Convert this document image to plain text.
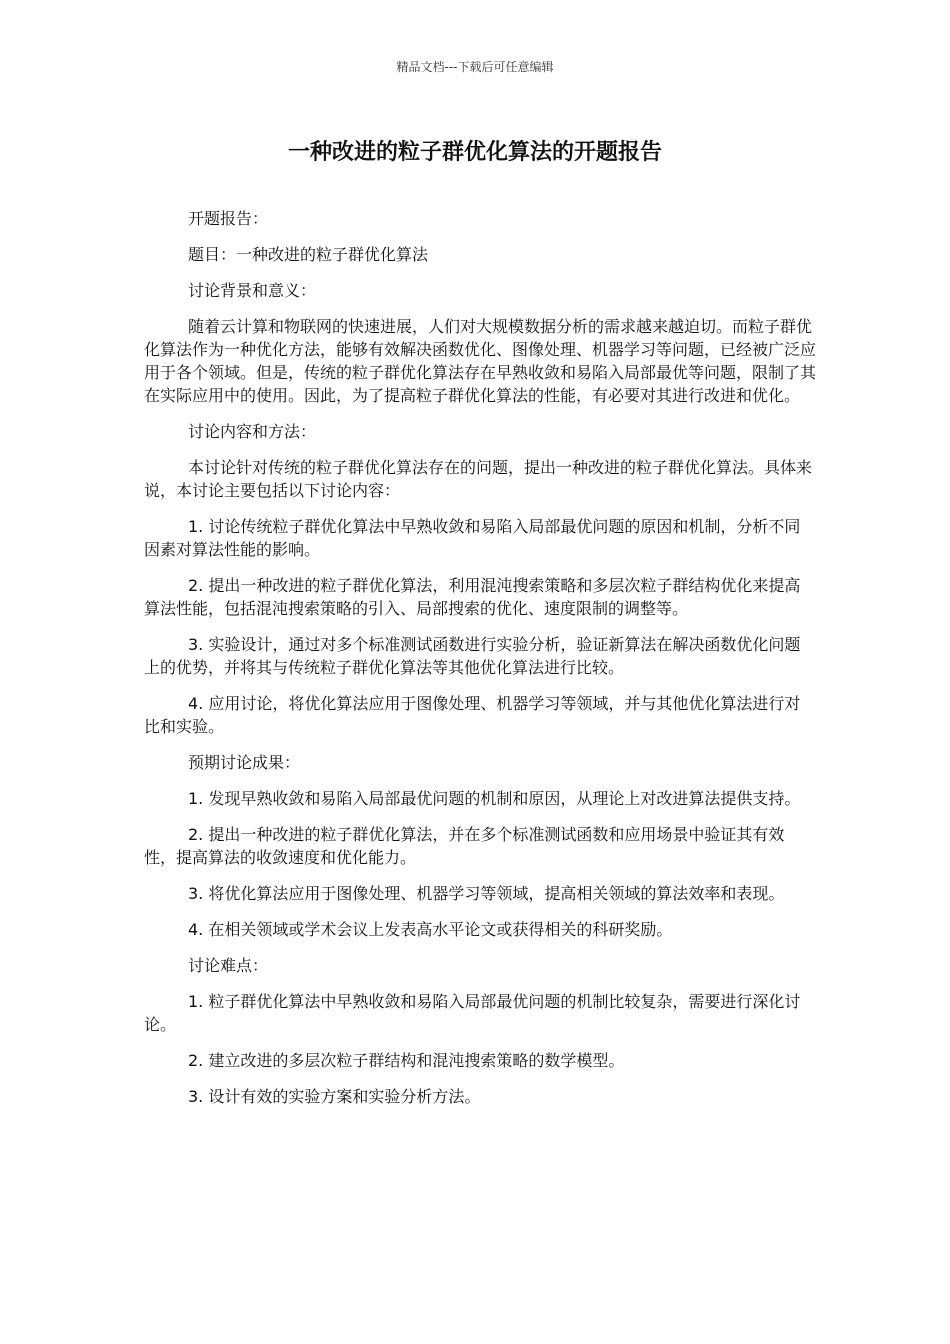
精品文档---下载后可任意编辑
一种改进的粒子群优化算法的开题报告

开题报告：

题目：一种改进的粒子群优化算法

讨论背景和意义：

随着云计算和物联网的快速进展，人们对大规模数据分析的需求越来越迫切。而粒子群优化算法作为一种优化方法，能够有效解决函数优化、图像处理、机器学习等问题，已经被广泛应用于各个领域。但是，传统的粒子群优化算法存在早熟收敛和易陷入局部最优等问题，限制了其在实际应用中的使用。因此，为了提高粒子群优化算法的性能，有必要对其进行改进和优化。

讨论内容和方法：

本讨论针对传统的粒子群优化算法存在的问题，提出一种改进的粒子群优化算法。具体来说，本讨论主要包括以下讨论内容：

1. 讨论传统粒子群优化算法中早熟收敛和易陷入局部最优问题的原因和机制，分析不同因素对算法性能的影响。

2. 提出一种改进的粒子群优化算法，利用混沌搜索策略和多层次粒子群结构优化来提高算法性能，包括混沌搜索策略的引入、局部搜索的优化、速度限制的调整等。

3. 实验设计，通过对多个标准测试函数进行实验分析，验证新算法在解决函数优化问题上的优势，并将其与传统粒子群优化算法等其他优化算法进行比较。

4. 应用讨论，将优化算法应用于图像处理、机器学习等领域，并与其他优化算法进行对比和实验。

预期讨论成果：

1. 发现早熟收敛和易陷入局部最优问题的机制和原因，从理论上对改进算法提供支持。

2. 提出一种改进的粒子群优化算法，并在多个标准测试函数和应用场景中验证其有效性，提高算法的收敛速度和优化能力。

3. 将优化算法应用于图像处理、机器学习等领域，提高相关领域的算法效率和表现。

4. 在相关领域或学术会议上发表高水平论文或获得相关的科研奖励。

讨论难点：

1. 粒子群优化算法中早熟收敛和易陷入局部最优问题的机制比较复杂，需要进行深化讨论。

2. 建立改进的多层次粒子群结构和混沌搜索策略的数学模型。

3. 设计有效的实验方案和实验分析方法。
